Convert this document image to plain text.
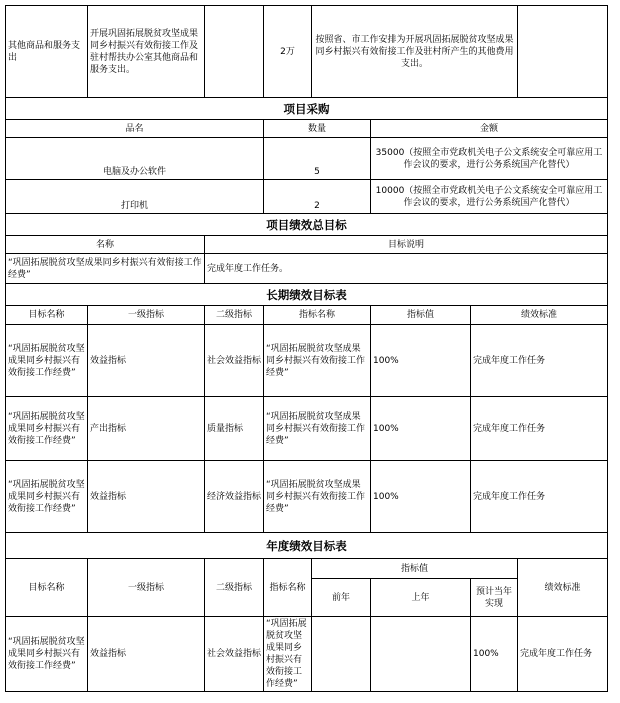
其他商品和服务支出	开展巩固拓展脱贫攻坚成果同乡村振兴有效衔接工作及驻村帮扶办公室其他商品和服务支出。		2万	按照省、市工作安排为开展巩固拓展脱贫攻坚成果同乡村振兴有效衔接工作及驻村所产生的其他费用支出。			
项目采购							
品名			数量		金额		
电脑及办公软件			5		35000（按照全市党政机关电子公文系统安全可靠应用工作会议的要求，进行公务系统国产化替代）		
打印机			2		10000（按照全市党政机关电子公文系统安全可靠应用工作会议的要求，进行公务系统国产化替代）		
项目绩效总目标							
名称		目标说明					
“巩固拓展脱贫攻坚成果同乡村振兴有效衔接工作经费”		完成年度工作任务。					
长期绩效目标表							
目标名称	一级指标	二级指标	指标名称		指标值	绩效标准	
“巩固拓展脱贫攻坚成果同乡村振兴有效衔接工作经费”	效益指标	社会效益指标	“巩固拓展脱贫攻坚成果同乡村振兴有效衔接工作经费”		100%	完成年度工作任务	
“巩固拓展脱贫攻坚成果同乡村振兴有效衔接工作经费”	产出指标	质量指标	“巩固拓展脱贫攻坚成果同乡村振兴有效衔接工作经费”		100%	完成年度工作任务	
“巩固拓展脱贫攻坚成果同乡村振兴有效衔接工作经费”	效益指标	经济效益指标	“巩固拓展脱贫攻坚成果同乡村振兴有效衔接工作经费”		100%	完成年度工作任务	
年度绩效目标表							
目标名称	一级指标	二级指标	指标名称	指标值			绩效标准
				前年	上年	预计当年实现	
“巩固拓展脱贫攻坚成果同乡村振兴有效衔接工作经费”	效益指标	社会效益指标	“巩固拓展脱贫攻坚成果同乡村振兴有效衔接工作经费”			100%	完成年度工作任务
